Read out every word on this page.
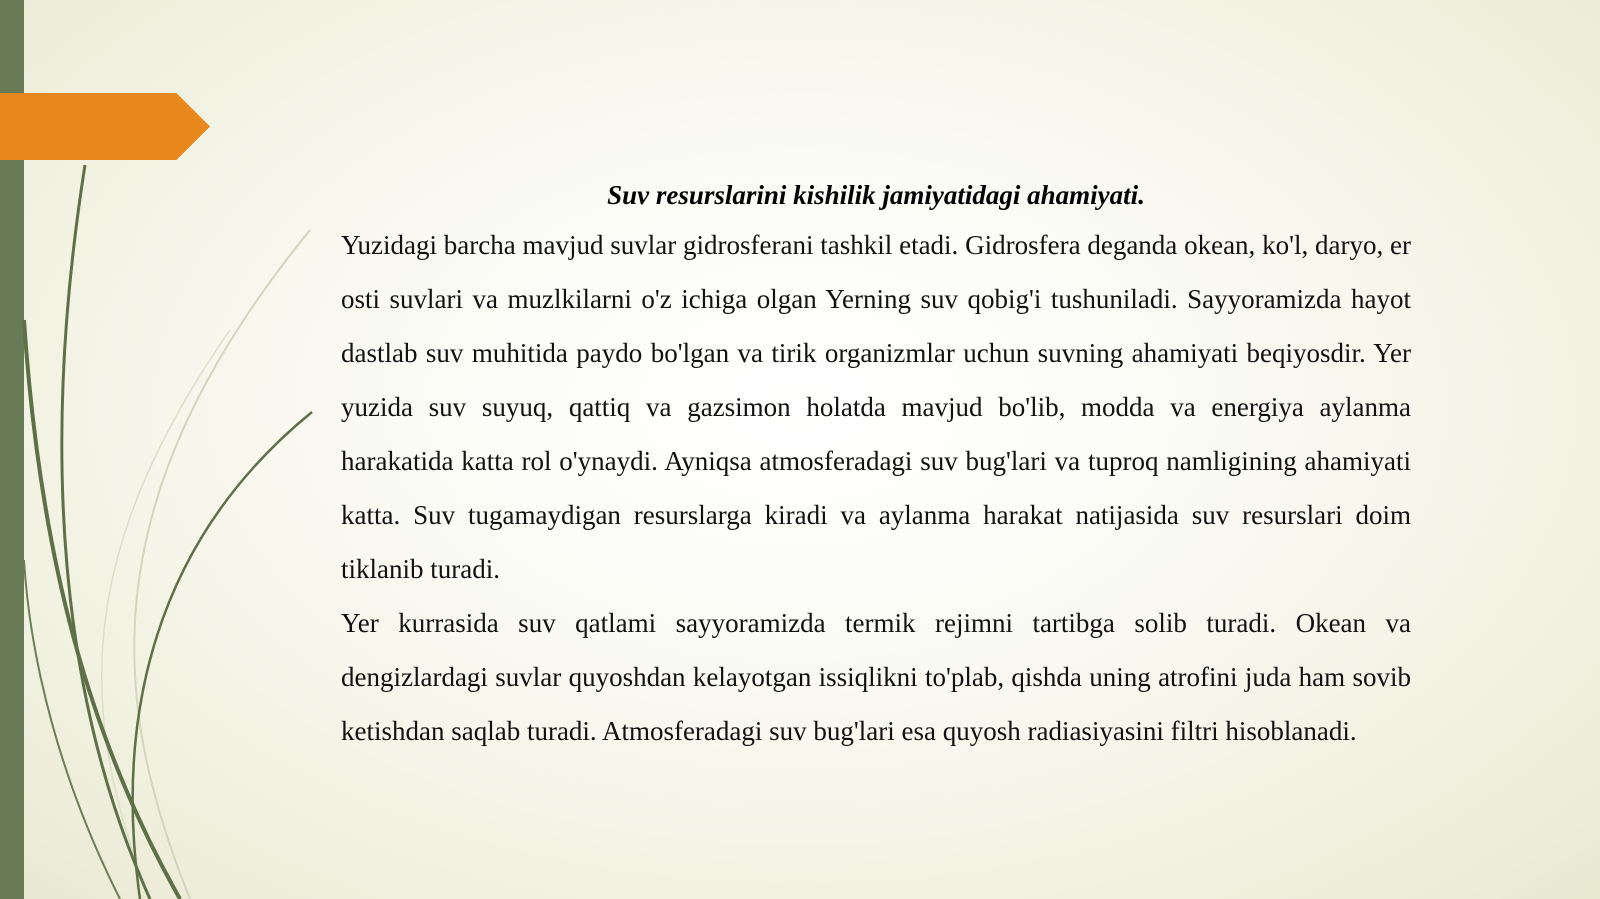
Suv resurslarini kishilik jamiyatidagi ahamiyati.

Yuzidagi barcha mavjud suvlar gidrosferani tashkil etadi. Gidrosfera deganda okean, ko'l, daryo, er osti suvlari va muzlkilarni o'z ichiga olgan Yerning suv qobig'i tushuniladi. Sayyoramizda hayot dastlab suv muhitida paydo bo'lgan va tirik organizmlar uchun suvning ahamiyati beqiyosdir. Yer yuzida suv suyuq, qattiq va gazsimon holatda mavjud bo'lib, modda va energiya aylanma harakatida katta rol o'ynaydi. Ayniqsa atmosferadagi suv bug'lari va tuproq namligining ahamiyati katta. Suv tugamaydigan resurslarga kiradi va aylanma harakat natijasida suv resurslari doim tiklanib turadi.

Yer kurrasida suv qatlami sayyoramizda termik rejimni tartibga solib turadi. Okean va dengizlardagi suvlar quyoshdan kelayotgan issiqlikni to'plab, qishda uning atrofini juda ham sovib ketishdan saqlab turadi. Atmosferadagi suv bug'lari esa quyosh radiasiyasini filtri hisoblanadi.
